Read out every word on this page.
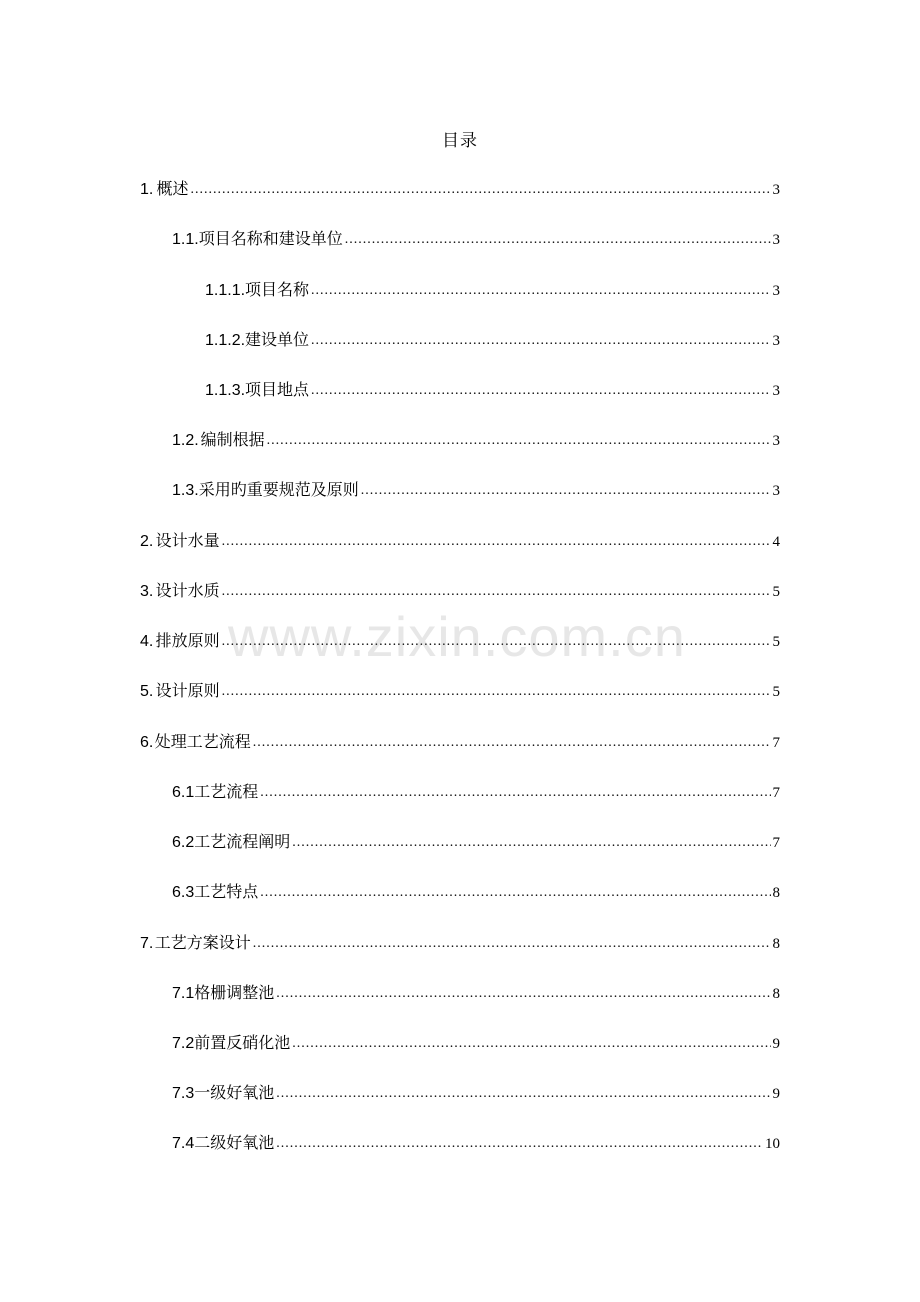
目录
1. 概述 .....	3
1.1. 项目名称和建设单位 .....	3
1.1.1. 项目名称 .....	3
1.1.2. 建设单位 .....	3
1.1.3. 项目地点 .....	3
1.2. 编制根据 .....	3
1.3. 采用旳重要规范及原则 .....	3
2. 设计水量 .....	4
3. 设计水质 .....	5
4. 排放原则 .....	5
5. 设计原则 .....	5
6. 处理工艺流程 .....	7
6.1 工艺流程 .....	7
6.2 工艺流程阐明 .....	7
6.3 工艺特点 .....	8
7. 工艺方案设计 .....	8
7.1 格栅调整池 .....	8
7.2 前置反硝化池 .....	9
7.3 一级好氧池 .....	9
7.4 二级好氧池 .....	10
www.zixin.com.cn
